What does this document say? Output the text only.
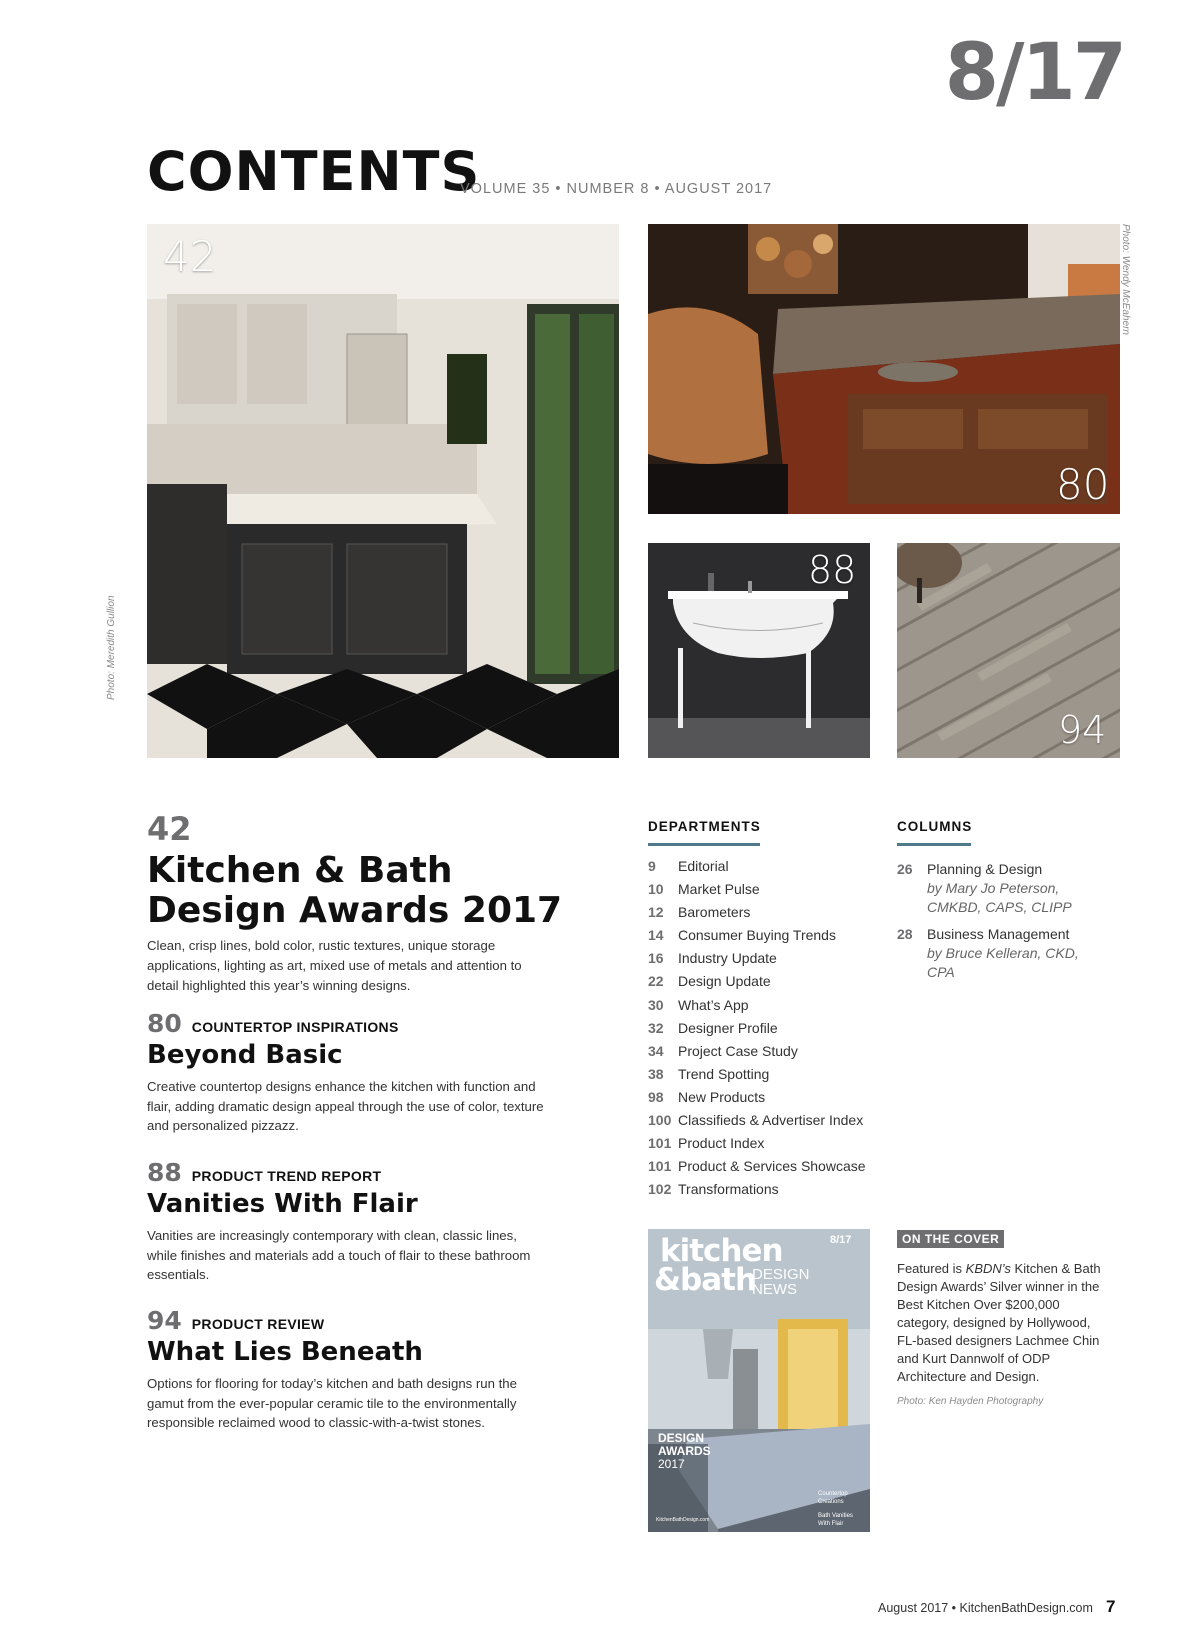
8/17
CONTENTS
VOLUME 35 • NUMBER 8 • AUGUST 2017
42
Photo: Meredith Gullion
80
Photo: Wendy McEahern
88
94
42
Kitchen & Bath Design Awards 2017
Clean, crisp lines, bold color, rustic textures, unique storage applications, lighting as art, mixed use of metals and attention to detail highlighted this year’s winning designs.
80 COUNTERTOP INSPIRATIONS
Beyond Basic
Creative countertop designs enhance the kitchen with function and flair, adding dramatic design appeal through the use of color, texture and personalized pizzazz.
88 PRODUCT TREND REPORT
Vanities With Flair
Vanities are increasingly contemporary with clean, classic lines, while finishes and materials add a touch of flair to these bathroom essentials.
94 PRODUCT REVIEW
What Lies Beneath
Options for flooring for today’s kitchen and bath designs run the gamut from the ever-popular ceramic tile to the environmentally responsible reclaimed wood to classic-with-a-twist stones.
DEPARTMENTS
9 Editorial
10 Market Pulse
12 Barometers
14 Consumer Buying Trends
16 Industry Update
22 Design Update
30 What’s App
32 Designer Profile
34 Project Case Study
38 Trend Spotting
98 New Products
100 Classifieds & Advertiser Index
101 Product Index
101 Product & Services Showcase
102 Transformations
COLUMNS
26 Planning & Design
by Mary Jo Peterson, CMKBD, CAPS, CLIPP
28 Business Management
by Bruce Kelleran, CKD, CPA
kitchen
&bath
DESIGN
NEWS
8/17
DESIGN
AWARDS
2017
Countertop Creations
Bath Vanities With Flair
KitchenBathDesign.com
ON THE COVER
Featured is KBDN’s Kitchen & Bath Design Awards’ Silver winner in the Best Kitchen Over $200,000 category, designed by Hollywood, FL-based designers Lachmee Chin and Kurt Dannwolf of ODP Architecture and Design.
Photo: Ken Hayden Photography
August 2017 • KitchenBathDesign.com 7
